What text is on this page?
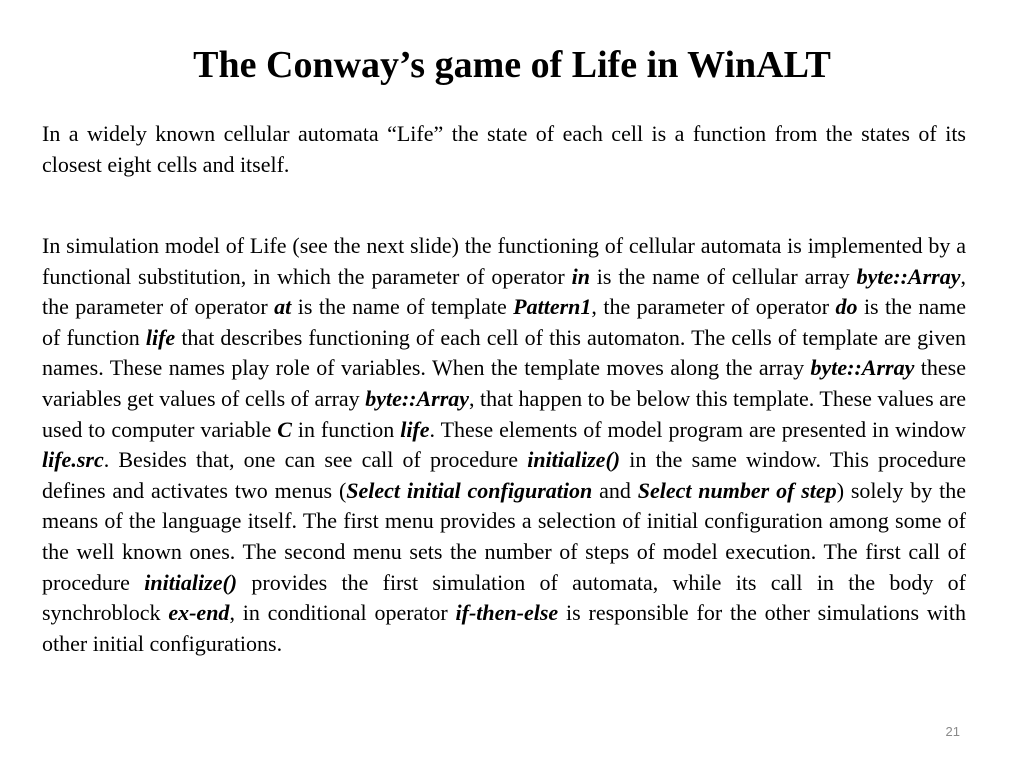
The Conway’s game of Life in WinALT

In a widely known cellular automata “Life” the state of each cell is a function from the states of its closest eight cells and itself.

In simulation model of Life (see the next slide) the functioning of cellular automata is implemented by a functional substitution, in which the parameter of operator in is the name of cellular array byte::Array, the parameter of operator at is the name of template Pattern1, the parameter of operator do is the name of function life that describes functioning of each cell of this automaton. The cells of template are given names. These names play role of variables. When the template moves along the array byte::Array these variables get values of cells of array byte::Array, that happen to be below this template. These values are used to computer variable C in function life. These elements of model program are presented in window life.src. Besides that, one can see call of procedure initialize() in the same window. This procedure defines and activates two menus (Select initial configuration and Select number of step) solely by the means of the language itself. The first menu provides a selection of initial configuration among some of the well known ones. The second menu sets the number of steps of model execution. The first call of procedure initialize() provides the first simulation of automata, while its call in the body of synchroblock ex-end, in conditional operator if-then-else is responsible for the other simulations with other initial configurations.

21
